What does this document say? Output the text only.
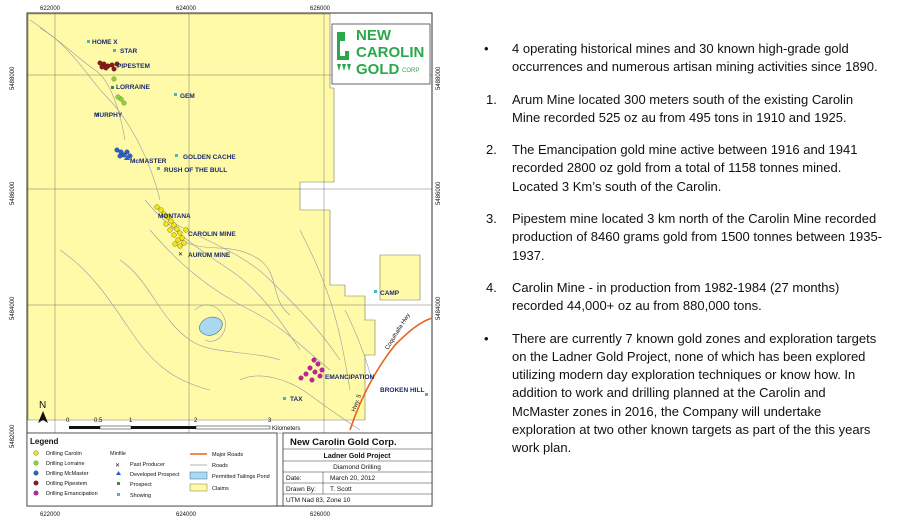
Coquihalla Hwy
Hwy. 5
✕
HOME X
STAR
PIPESTEM
LORRAINE
GEM
MURPHY
GOLDEN CACHE
McMASTER
RUSH OF THE BULL
MONTANA
CAROLIN MINE
AURUM MINE
CAMP
EMANCIPATION
BROKEN HILL
TAX
622000	624000	626000
622000	624000	626000
5488000
5486000
5484000
5482000
5488000
5486000
5484000
NEW
CAROLIN
GOLD CORP
N
0	0.5	1	2	3
Kilometers
Legend
Drilling Carolin
Drilling Lorraine
Drilling McMaster
Drilling Pipestem
Drilling Emancipation
Minfile
✕ Past Producer
Developed Prospect
Prospect
Showing
Major Roads
Roads
Permitted Tailings Pond
Claims
New Carolin Gold Corp.
Ladner Gold Project
Diamond Drilling
Date:	March 20, 2012
Drawn By: T. Scott
UTM Nad 83, Zone 10
•	4 operating historical mines and 30 known high-grade gold occurrences and numerous artisan mining activities since 1890.
1.	Arum Mine located 300 meters south of the existing Carolin Mine recorded 525 oz au from 495 tons in 1910 and 1925.
2.	The Emancipation gold mine active between 1916 and 1941 recorded 2800 oz gold from a total of 1158 tonnes mined. Located 3 Km’s south of the Carolin.
3.	Pipestem mine located 3 km north of the Carolin Mine recorded production of 8460 grams gold from 1500 tonnes between 1935-1937.
4.	Carolin Mine - in production from 1982-1984 (27 months) recorded 44,000+ oz au from 880,000 tons.
•	There are currently 7 known gold zones and exploration targets on the Ladner Gold Project, none of which has been explored utilizing modern day exploration techniques or know how. In addition to work and drilling planned at the Carolin and McMaster zones in 2016, the Company will undertake exploration at two other known targets as part of the this years work plan.
